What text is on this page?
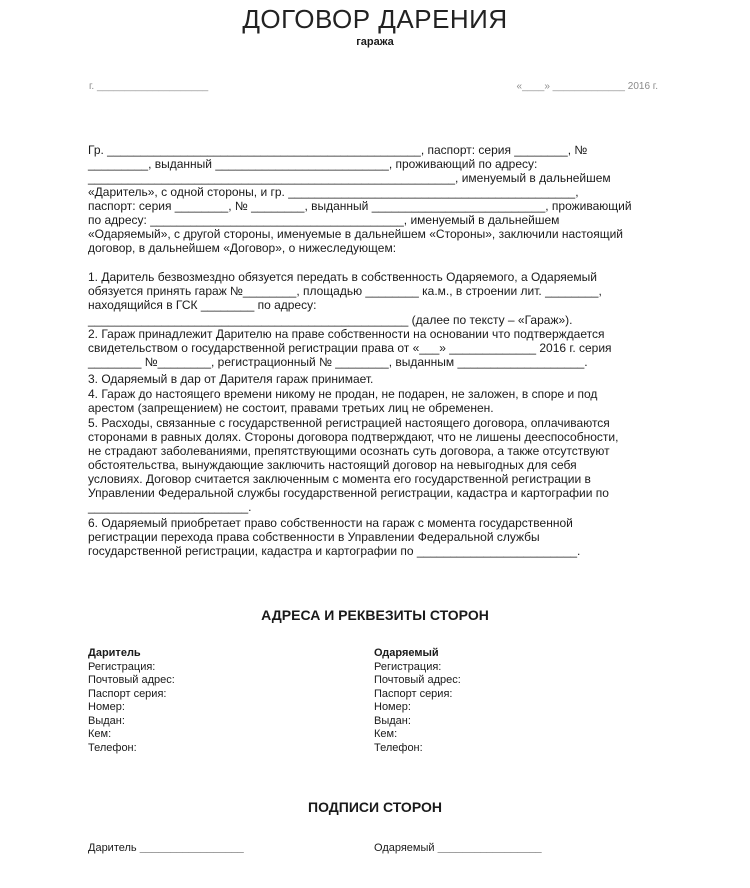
ДОГОВОР ДАРЕНИЯ
гаража
г. ____________________	«____» _____________ 2016 г.
Гр. _______________________________________________, паспорт: серия ________, №
_________, выданный __________________________, проживающий по адресу:
_______________________________________________________, именуемый в дальнейшем
«Даритель», с одной стороны, и гр. ___________________________________________,
паспорт: серия ________, № ________, выданный __________________________, проживающий
по адресу: ______________________________________, именуемый в дальнейшем
«Одаряемый», с другой стороны, именуемые в дальнейшем «Стороны», заключили настоящий
договор, в дальнейшем «Договор», о нижеследующем:
1. Даритель безвозмездно обязуется передать в собственность Одаряемого, а Одаряемый
обязуется принять гараж №________, площадью ________ ка.м., в строении лит. ________,
находящийся в ГСК ________ по адресу:
________________________________________________ (далее по тексту – «Гараж»).
2. Гараж принадлежит Дарителю на праве собственности на основании что подтверждается
свидетельством о государственной регистрации права от «___» _____________ 2016 г. серия
________ №________, регистрационный № ________, выданным ___________________.
3. Одаряемый в дар от Дарителя гараж принимает.
4. Гараж до настоящего времени никому не продан, не подарен, не заложен, в споре и под
арестом (запрещением) не состоит, правами третьих лиц не обременен.
5. Расходы, связанные с государственной регистрацией настоящего договора, оплачиваются
сторонами в равных долях. Стороны договора подтверждают, что не лишены дееспособности,
не страдают заболеваниями, препятствующими осознать суть договора, а также отсутствуют
обстоятельства, вынуждающие заключить настоящий договор на невыгодных для себя
условиях. Договор считается заключенным с момента его государственной регистрации в
Управлении Федеральной службы государственной регистрации, кадастра и картографии по
________________________.
6. Одаряемый приобретает право собственности на гараж с момента государственной
регистрации перехода права собственности в Управлении Федеральной службы
государственной регистрации, кадастра и картографии по ________________________.
АДРЕСА И РЕКВЕЗИТЫ СТОРОН
Даритель
Регистрация:
Почтовый адрес:
Паспорт серия:
Номер:
Выдан:
Кем:
Телефон:
Одаряемый
Регистрация:
Почтовый адрес:
Паспорт серия:
Номер:
Выдан:
Кем:
Телефон:
ПОДПИСИ СТОРОН
Даритель _________________	Одаряемый _________________
